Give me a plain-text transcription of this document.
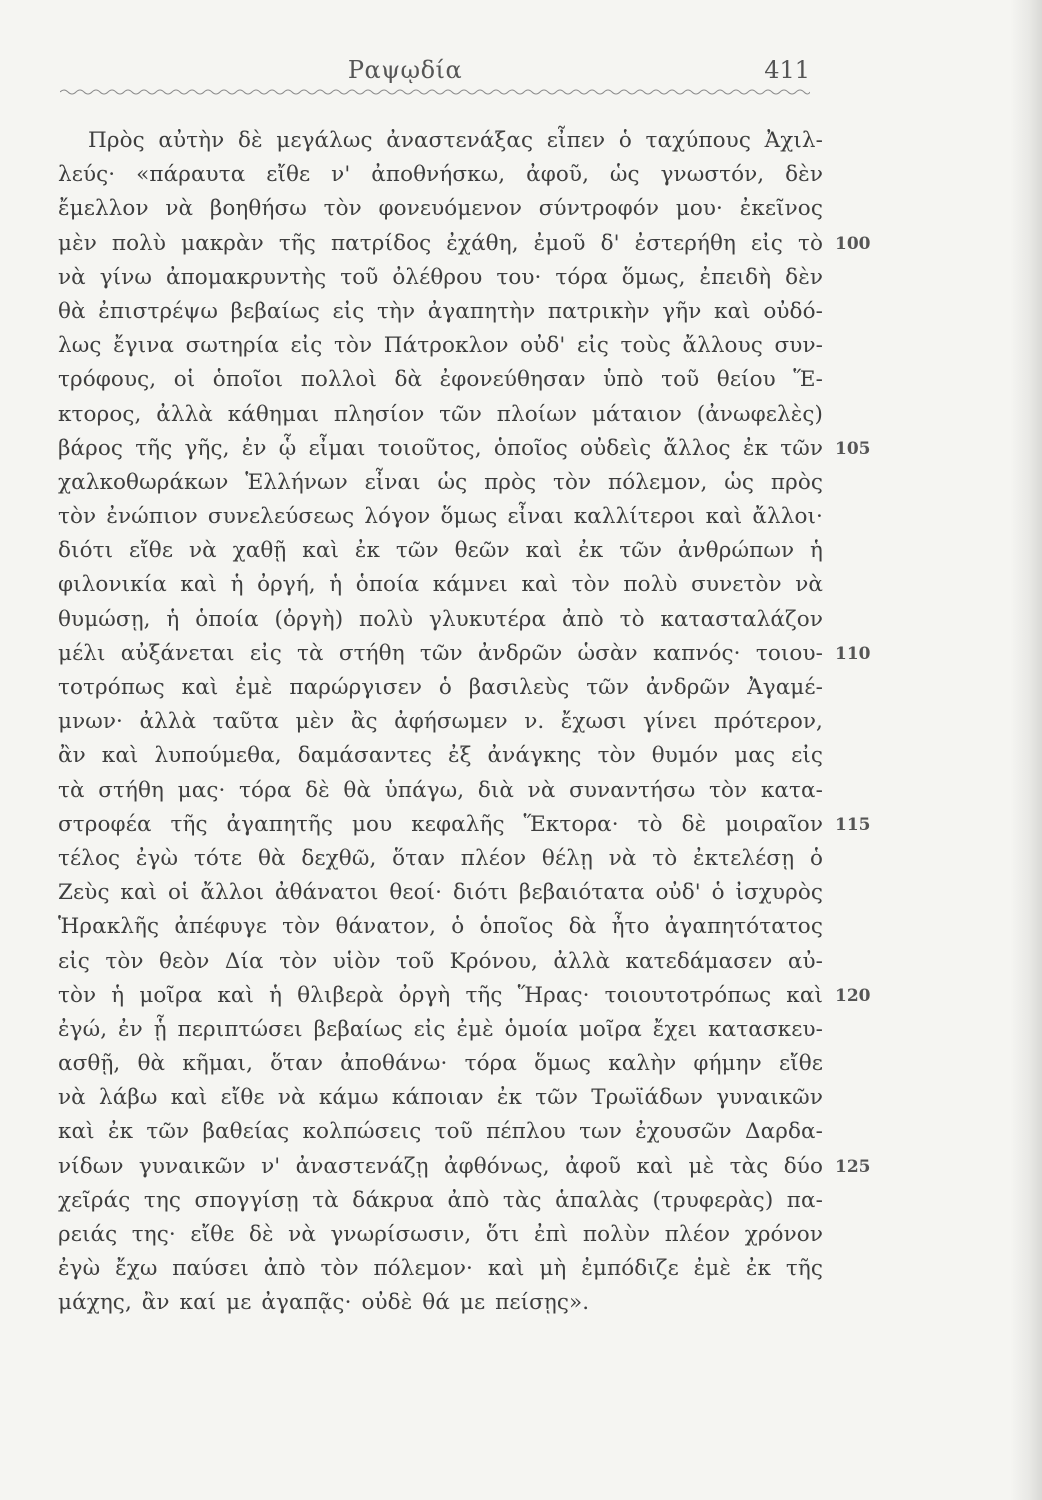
Ραψῳδία	411
Πρὸς αὐτὴν δὲ μεγάλως ἀναστενάξας εἶπεν ὁ ταχύπους Ἀχιλ-
λεύς· «πάραυτα εἴθε ν' ἀποθνήσκω, ἀφοῦ, ὡς γνωστόν, δὲν
ἔμελλον νὰ βοηθήσω τὸν φονευόμενον σύντροφόν μου· ἐκεῖνος
μὲν πολὺ μακρὰν τῆς πατρίδος ἐχάθη, ἐμοῦ δ' ἐστερήθη εἰς τὸ
νὰ γίνω ἀπομακρυντὴς τοῦ ὀλέθρου του· τόρα ὅμως, ἐπειδὴ δὲν
θὰ ἐπιστρέψω βεβαίως εἰς τὴν ἀγαπητὴν πατρικὴν γῆν καὶ οὐδό-
λως ἔγινα σωτηρία εἰς τὸν Πάτροκλον οὐδ' εἰς τοὺς ἄλλους συν-
τρόφους, οἱ ὁποῖοι πολλοὶ δὰ ἐφονεύθησαν ὑπὸ τοῦ θείου Ἕ-
κτορος, ἀλλὰ κάθημαι πλησίον τῶν πλοίων μάταιον (ἀνωφελὲς)
βάρος τῆς γῆς, ἐν ᾧ εἶμαι τοιοῦτος, ὁποῖος οὐδεὶς ἄλλος ἐκ τῶν
χαλκοθωράκων Ἑλλήνων εἶναι ὡς πρὸς τὸν πόλεμον, ὡς πρὸς
τὸν ἐνώπιον συνελεύσεως λόγον ὅμως εἶναι καλλίτεροι καὶ ἄλλοι·
διότι εἴθε νὰ χαθῇ καὶ ἐκ τῶν θεῶν καὶ ἐκ τῶν ἀνθρώπων ἡ
φιλονικία καὶ ἡ ὀργή, ἡ ὁποία κάμνει καὶ τὸν πολὺ συνετὸν νὰ
θυμώσῃ, ἡ ὁποία (ὀργὴ) πολὺ γλυκυτέρα ἀπὸ τὸ κατασταλάζον
μέλι αὐξάνεται εἰς τὰ στήθη τῶν ἀνδρῶν ὡσὰν καπνός· τοιου-
τοτρόπως καὶ ἐμὲ παρώργισεν ὁ βασιλεὺς τῶν ἀνδρῶν Ἀγαμέ-
μνων· ἀλλὰ ταῦτα μὲν ἂς ἀφήσωμεν ν. ἔχωσι γίνει πρότερον,
ἂν καὶ λυπούμεθα, δαμάσαντες ἐξ ἀνάγκης τὸν θυμόν μας εἰς
τὰ στήθη μας· τόρα δὲ θὰ ὑπάγω, διὰ νὰ συναντήσω τὸν κατα-
στροφέα τῆς ἀγαπητῆς μου κεφαλῆς Ἕκτορα· τὸ δὲ μοιραῖον
τέλος ἐγὼ τότε θὰ δεχθῶ, ὅταν πλέον θέλῃ νὰ τὸ ἐκτελέσῃ ὁ
Ζεὺς καὶ οἱ ἄλλοι ἀθάνατοι θεοί· διότι βεβαιότατα οὐδ' ὁ ἰσχυρὸς
Ἡρακλῆς ἀπέφυγε τὸν θάνατον, ὁ ὁποῖος δὰ ἦτο ἀγαπητότατος
εἰς τὸν θεὸν Δία τὸν υἱὸν τοῦ Κρόνου, ἀλλὰ κατεδάμασεν αὐ-
τὸν ἡ μοῖρα καὶ ἡ θλιβερὰ ὀργὴ τῆς Ἥρας· τοιουτοτρόπως καὶ
ἐγώ, ἐν ᾗ περιπτώσει βεβαίως εἰς ἐμὲ ὁμοία μοῖρα ἔχει κατασκευ-
ασθῇ, θὰ κῆμαι, ὅταν ἀποθάνω· τόρα ὅμως καλὴν φήμην εἴθε
νὰ λάβω καὶ εἴθε νὰ κάμω κάποιαν ἐκ τῶν Τρωϊάδων γυναικῶν
καὶ ἐκ τῶν βαθείας κολπώσεις τοῦ πέπλου των ἐχουσῶν Δαρδα-
νίδων γυναικῶν ν' ἀναστενάζῃ ἀφθόνως, ἀφοῦ καὶ μὲ τὰς δύο
χεῖράς της σπογγίσῃ τὰ δάκρυα ἀπὸ τὰς ἁπαλὰς (τρυφερὰς) πα-
ρειάς της· εἴθε δὲ νὰ γνωρίσωσιν, ὅτι ἐπὶ πολὺν πλέον χρόνον
ἐγὼ ἔχω παύσει ἀπὸ τὸν πόλεμον· καὶ μὴ ἐμπόδιζε ἐμὲ ἐκ τῆς
μάχης, ἂν καί με ἀγαπᾷς· οὐδὲ θά με πείσῃς».
100
105
110
115
120
125
